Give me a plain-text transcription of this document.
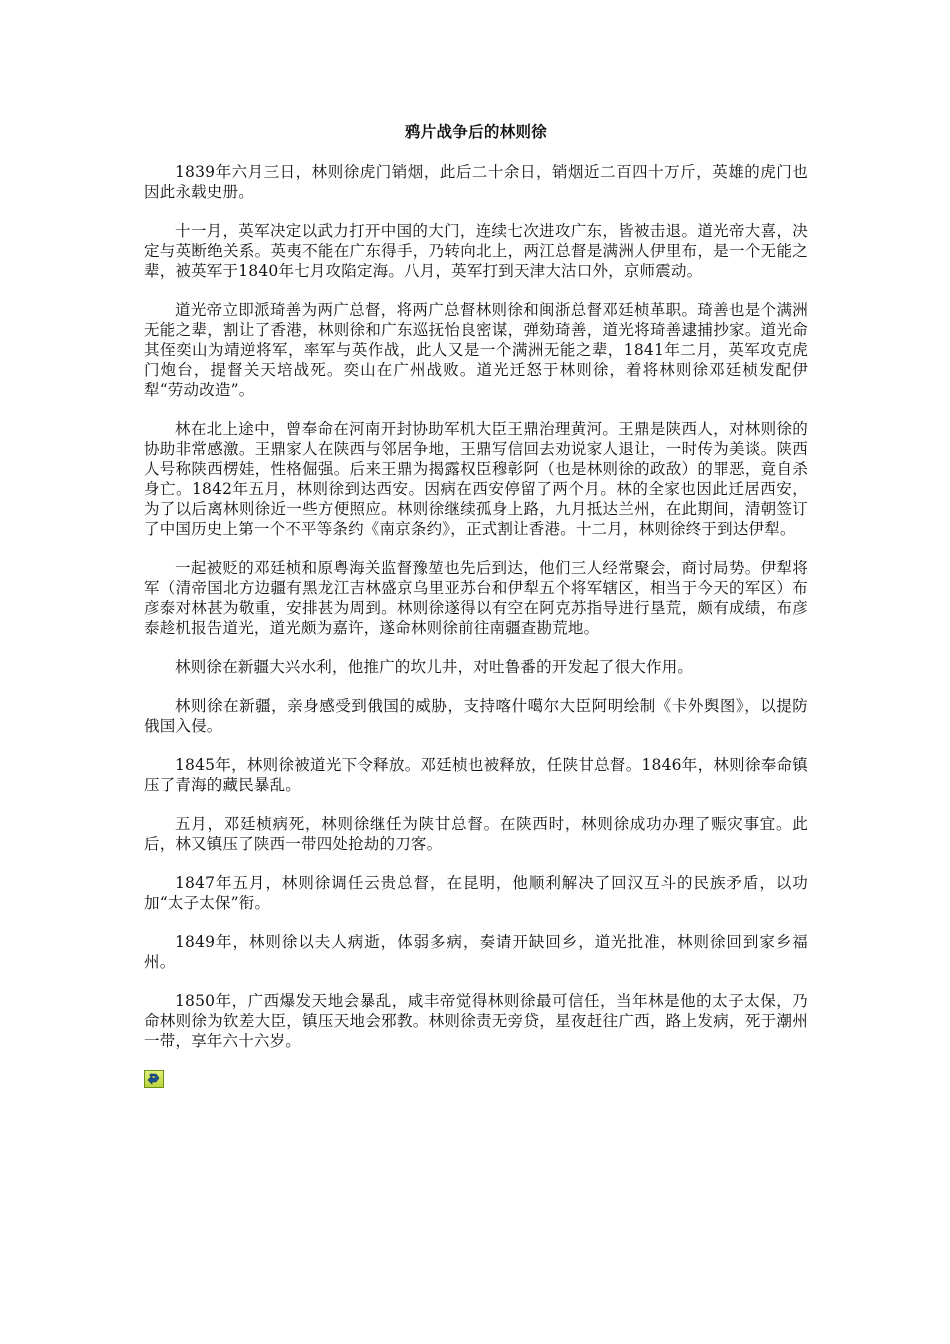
鸦片战争后的林则徐

1839年六月三日，林则徐虎门销烟，此后二十余日，销烟近二百四十万斤，英雄的虎门也因此永载史册。

十一月，英军决定以武力打开中国的大门，连续七次进攻广东，皆被击退。道光帝大喜，决定与英断绝关系。英夷不能在广东得手，乃转向北上，两江总督是满洲人伊里布，是一个无能之辈，被英军于1840年七月攻陷定海。八月，英军打到天津大沽口外，京师震动。

道光帝立即派琦善为两广总督，将两广总督林则徐和闽浙总督邓廷桢革职。琦善也是个满洲无能之辈，割让了香港，林则徐和广东巡抚怡良密谋，弹劾琦善，道光将琦善逮捕抄家。道光命其侄奕山为靖逆将军，率军与英作战，此人又是一个满洲无能之辈，1841年二月，英军攻克虎门炮台，提督关天培战死。奕山在广州战败。道光迁怒于林则徐，着将林则徐邓廷桢发配伊犁“劳动改造”。

林在北上途中，曾奉命在河南开封协助军机大臣王鼎治理黄河。王鼎是陕西人，对林则徐的协助非常感激。王鼎家人在陕西与邻居争地，王鼎写信回去劝说家人退让，一时传为美谈。陕西人号称陕西楞娃，性格倔强。后来王鼎为揭露权臣穆彰阿（也是林则徐的政敌）的罪恶，竟自杀身亡。1842年五月，林则徐到达西安。因病在西安停留了两个月。林的全家也因此迁居西安，为了以后离林则徐近一些方便照应。林则徐继续孤身上路，九月抵达兰州，在此期间，清朝签订了中国历史上第一个不平等条约《南京条约》，正式割让香港。十二月，林则徐终于到达伊犁。

一起被贬的邓廷桢和原粤海关监督豫堃也先后到达，他们三人经常聚会，商讨局势。伊犁将军（清帝国北方边疆有黑龙江吉林盛京乌里亚苏台和伊犁五个将军辖区，相当于今天的军区）布彦泰对林甚为敬重，安排甚为周到。林则徐遂得以有空在阿克苏指导进行垦荒，颇有成绩，布彦泰趁机报告道光，道光颇为嘉许，遂命林则徐前往南疆查勘荒地。

林则徐在新疆大兴水利，他推广的坎儿井，对吐鲁番的开发起了很大作用。

林则徐在新疆，亲身感受到俄国的威胁，支持喀什噶尔大臣阿明绘制《卡外舆图》，以提防俄国入侵。

1845年，林则徐被道光下令释放。邓廷桢也被释放，任陕甘总督。1846年，林则徐奉命镇压了青海的藏民暴乱。

五月，邓廷桢病死，林则徐继任为陕甘总督。在陕西时，林则徐成功办理了赈灾事宜。此后，林又镇压了陕西一带四处抢劫的刀客。

1847年五月，林则徐调任云贵总督，在昆明，他顺利解决了回汉互斗的民族矛盾，以功加“太子太保”衔。

1849年，林则徐以夫人病逝，体弱多病，奏请开缺回乡，道光批准，林则徐回到家乡福州。

1850年，广西爆发天地会暴乱，咸丰帝觉得林则徐最可信任，当年林是他的太子太保，乃命林则徐为钦差大臣，镇压天地会邪教。林则徐责无旁贷，星夜赶往广西，路上发病，死于潮州一带，享年六十六岁。
